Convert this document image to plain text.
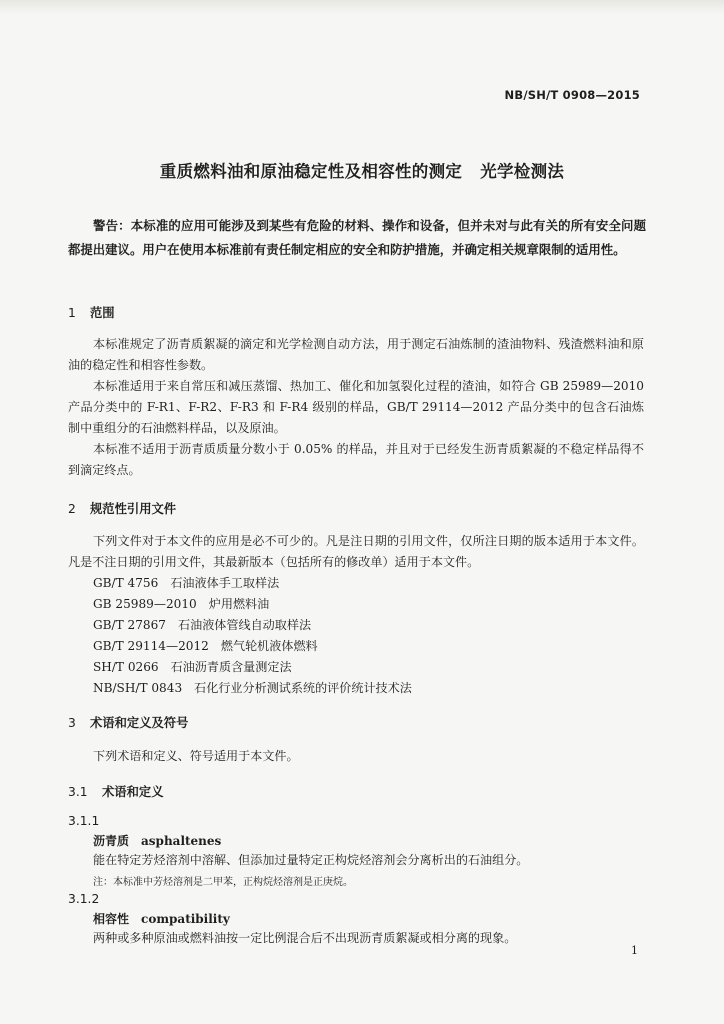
NB/SH/T 0908—2015
重质燃料油和原油稳定性及相容性的测定 光学检测法
警告：本标准的应用可能涉及到某些有危险的材料、操作和设备，但并未对与此有关的所有安全问题都提出建议。用户在使用本标准前有责任制定相应的安全和防护措施，并确定相关规章限制的适用性。
1 范围
本标准规定了沥青质絮凝的滴定和光学检测自动方法，用于测定石油炼制的渣油物料、残渣燃料油和原油的稳定性和相容性参数。
本标准适用于来自常压和减压蒸馏、热加工、催化和加氢裂化过程的渣油，如符合 GB 25989—2010 产品分类中的 F-R1、F-R2、F-R3 和 F-R4 级别的样品，GB/T 29114—2012 产品分类中的包含石油炼制中重组分的石油燃料样品，以及原油。
本标准不适用于沥青质质量分数小于 0.05% 的样品，并且对于已经发生沥青质絮凝的不稳定样品得不到滴定终点。
2 规范性引用文件
下列文件对于本文件的应用是必不可少的。凡是注日期的引用文件，仅所注日期的版本适用于本文件。凡是不注日期的引用文件，其最新版本（包括所有的修改单）适用于本文件。
GB/T 4756 石油液体手工取样法
GB 25989—2010 炉用燃料油
GB/T 27867 石油液体管线自动取样法
GB/T 29114—2012 燃气轮机液体燃料
SH/T 0266 石油沥青质含量测定法
NB/SH/T 0843 石化行业分析测试系统的评价统计技术法
3 术语和定义及符号
下列术语和定义、符号适用于本文件。
3.1 术语和定义
3.1.1
沥青质 asphaltenes
能在特定芳烃溶剂中溶解、但添加过量特定正构烷烃溶剂会分离析出的石油组分。
注：本标准中芳烃溶剂是二甲苯，正构烷烃溶剂是正庚烷。
3.1.2
相容性 compatibility
两种或多种原油或燃料油按一定比例混合后不出现沥青质絮凝或相分离的现象。
1
